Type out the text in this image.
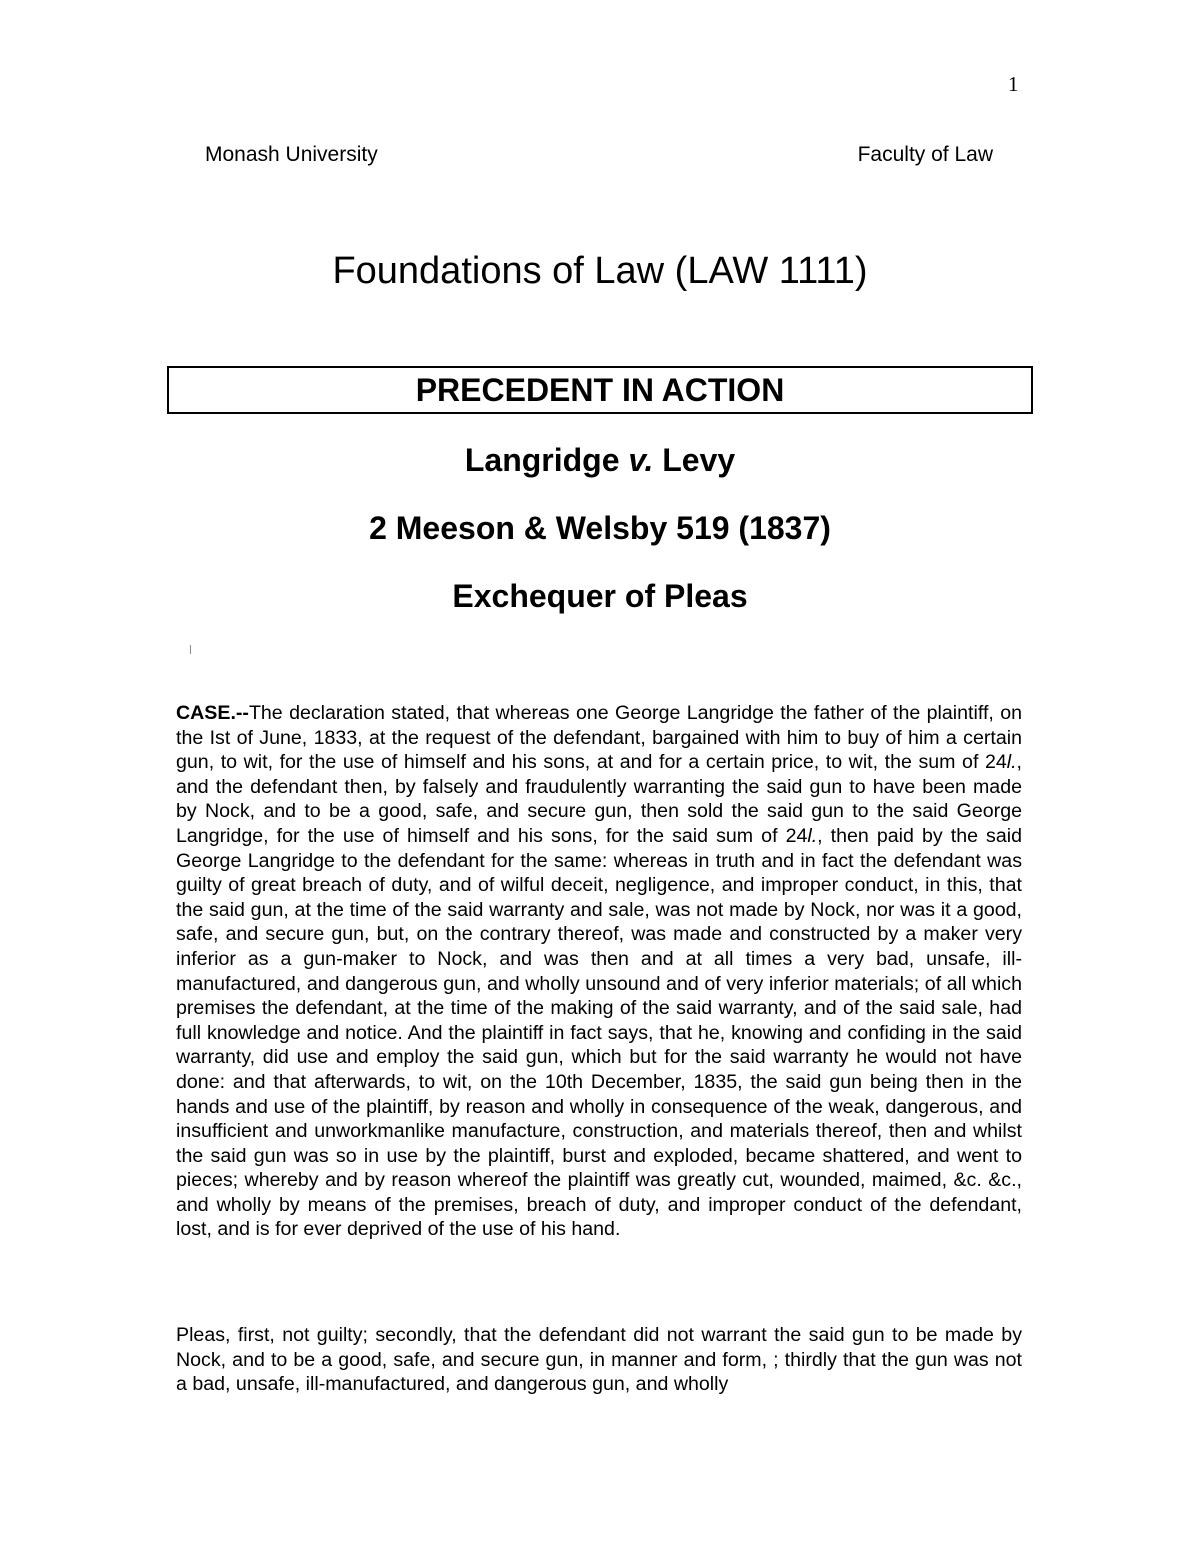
1
Monash University	Faculty of Law
Foundations of Law (LAW 1111)
PRECEDENT IN ACTION
Langridge v. Levy
2 Meeson & Welsby 519 (1837)
Exchequer of Pleas

CASE.--The declaration stated, that whereas one George Langridge the father of the plaintiff, on the Ist of June, 1833, at the request of the defendant, bargained with him to buy of him a certain gun, to wit, for the use of himself and his sons, at and for a certain price, to wit, the sum of 24l., and the defendant then, by falsely and fraudulently warranting the said gun to have been made by Nock, and to be a good, safe, and secure gun, then sold the said gun to the said George Langridge, for the use of himself and his sons, for the said sum of 24l., then paid by the said George Langridge to the defendant for the same: whereas in truth and in fact the defendant was guilty of great breach of duty, and of wilful deceit, negligence, and improper conduct, in this, that the said gun, at the time of the said warranty and sale, was not made by Nock, nor was it a good, safe, and secure gun, but, on the contrary thereof, was made and constructed by a maker very inferior as a gun-maker to Nock, and was then and at all times a very bad, unsafe, ill-manufactured, and dangerous gun, and wholly unsound and of very inferior materials; of all which premises the defendant, at the time of the making of the said warranty, and of the said sale, had full knowledge and notice. And the plaintiff in fact says, that he, knowing and confiding in the said warranty, did use and employ the said gun, which but for the said warranty he would not have done: and that afterwards, to wit, on the 10th December, 1835, the said gun being then in the hands and use of the plaintiff, by reason and wholly in consequence of the weak, dangerous, and insufficient and unworkmanlike manufacture, construction, and materials thereof, then and whilst the said gun was so in use by the plaintiff, burst and exploded, became shattered, and went to pieces; whereby and by reason whereof the plaintiff was greatly cut, wounded, maimed, &c. &c., and wholly by means of the premises, breach of duty, and improper conduct of the defendant, lost, and is for ever deprived of the use of his hand.

Pleas, first, not guilty; secondly, that the defendant did not warrant the said gun to be made by Nock, and to be a good, safe, and secure gun, in manner and form, ; thirdly that the gun was not a bad, unsafe, ill-manufactured, and dangerous gun, and wholly
